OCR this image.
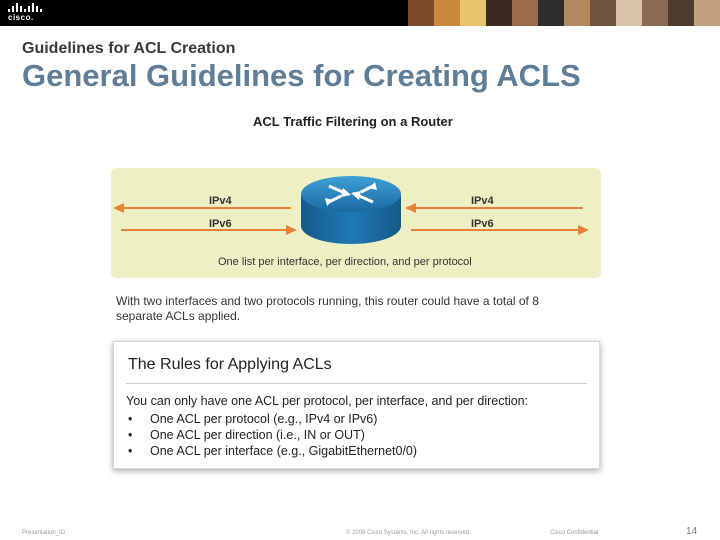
cisco.
Guidelines for ACL Creation
General Guidelines for Creating ACLS
ACL Traffic Filtering on a Router
IPv4
IPv6
IPv4
IPv6
One list per interface, per direction, and per protocol
With two interfaces and two protocols running, this router could have a total of 8 separate ACLs applied.
The Rules for Applying ACLs
You can only have one ACL per protocol, per interface, and per direction:
•	One ACL per protocol (e.g., IPv4 or IPv6)
•	One ACL per direction (i.e., IN or OUT)
•	One ACL per interface (e.g., GigabitEthernet0/0)
Presentation_ID	© 2008 Cisco Systems, Inc. All rights reserved.	Cisco Confidential	14
